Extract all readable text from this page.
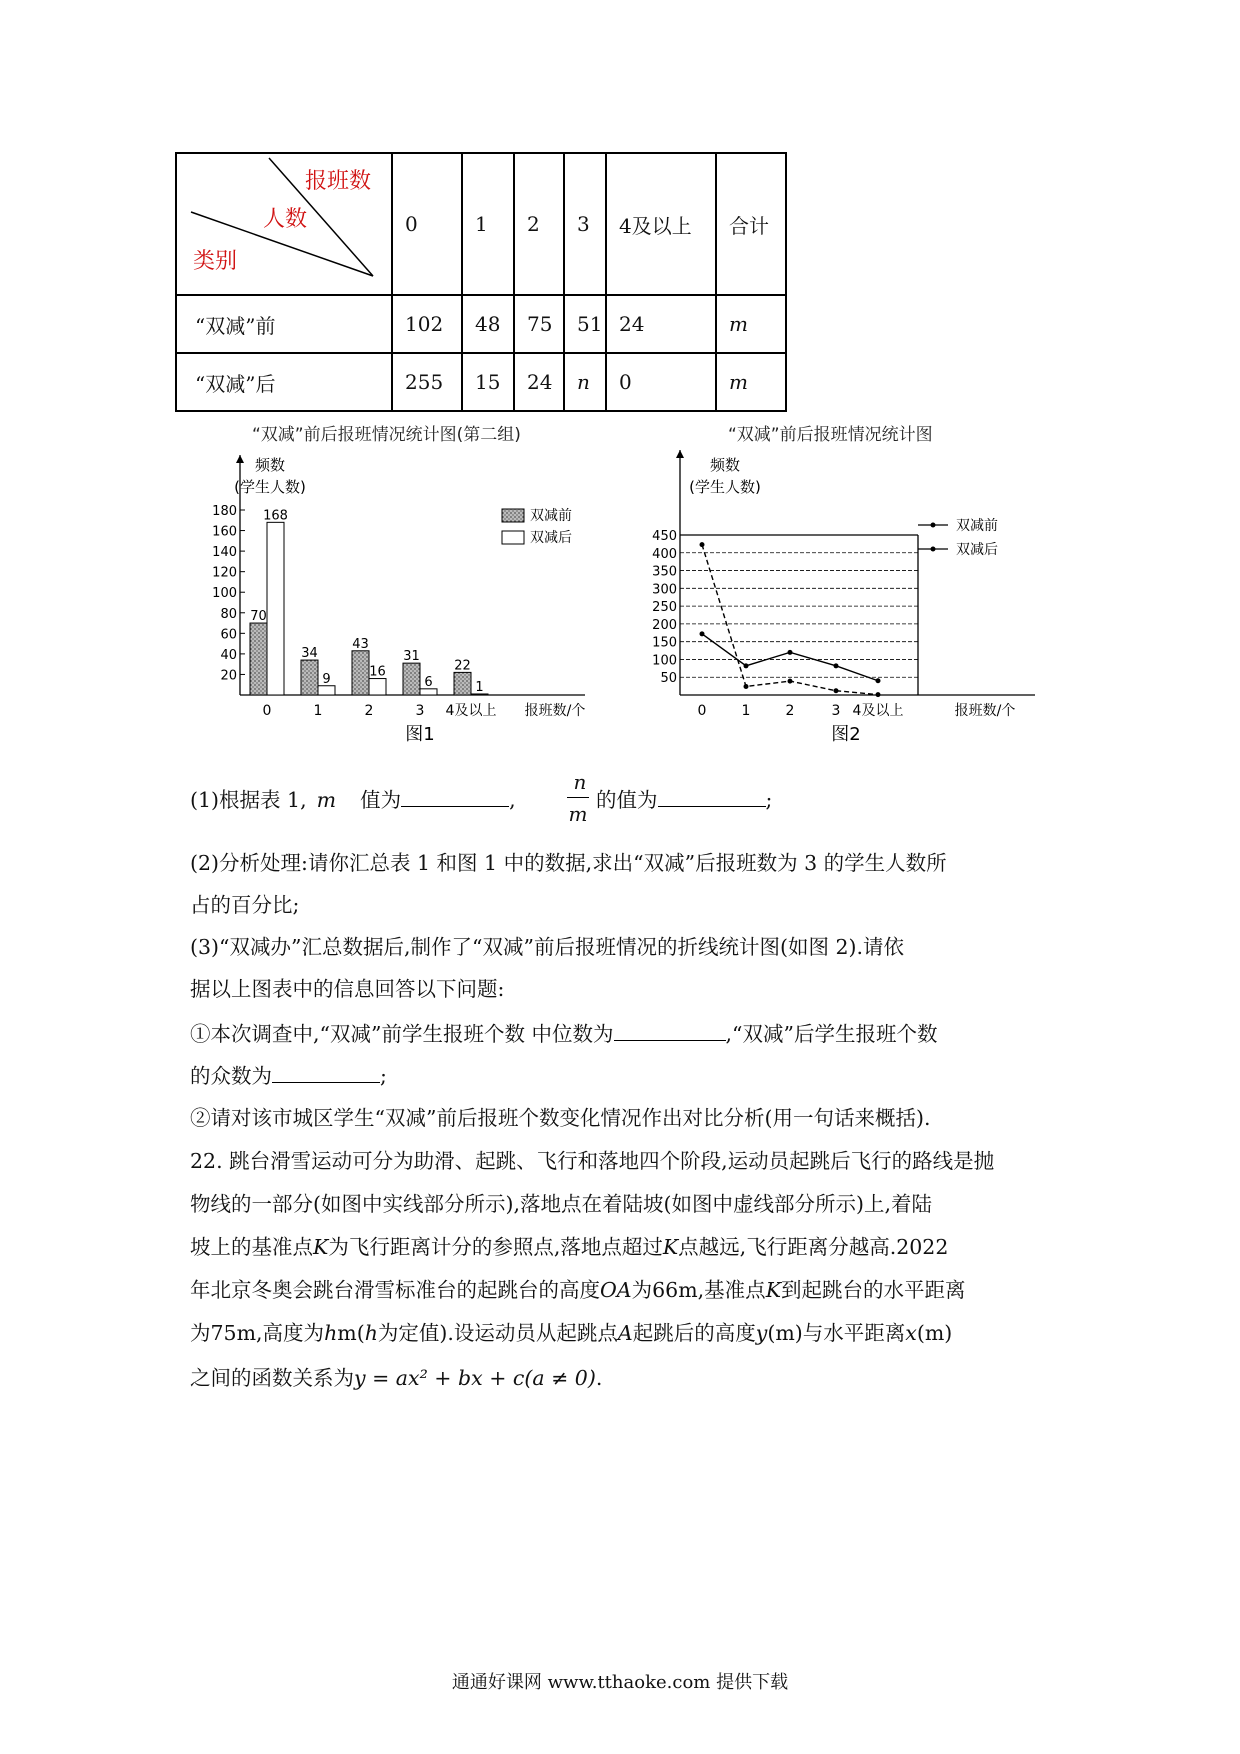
报班数
人数
类别	0	1	2	3	4及以上	合计
“双减”前	102	48	75	51	24	m
“双减”后	255	15	24	n	0	m
“双减”前后报班情况统计图(第二组)	“双减”前后报班情况统计图
频数
(学生人数)
20
40
60
80
100
120
140
160
180
70
168
0
34
9
1
43
16
2
31
6
3
22
1
4及以上 报班数/个
双减前
双减后
图1
频数
(学生人数)
50
100
150
200
250
300
350
400
450
0	1	2	3 4及以上	报班数/个
双减前
双减后
图2
(1)根据表 1, m 值为	,
n
m
的值为	;
(2)分析处理:请你汇总表 1 和图 1 中的数据,求出“双减”后报班数为 3 的学生人数所
占的百分比;
(3)“双减办”汇总数据后,制作了“双减”前后报班情况的折线统计图(如图 2).请依
据以上图表中的信息回答以下问题:
①本次调查中,“双减”前学生报班个数 中位数为	,“双减”后学生报班个数
的众数为	;
②请对该市城区学生“双减”前后报班个数变化情况作出对比分析(用一句话来概括).
22. 跳台滑雪运动可分为助滑、起跳、飞行和落地四个阶段,运动员起跳后飞行的路线是抛
物线的一部分(如图中实线部分所示),落地点在着陆坡(如图中虚线部分所示)上,着陆
坡上的基准点K为飞行距离计分的参照点,落地点超过K点越远,飞行距离分越高.2022
年北京冬奥会跳台滑雪标准台的起跳台的高度OA为66m,基准点K到起跳台的水平距离
为75m,高度为hm(h为定值).设运动员从起跳点A起跳后的高度y(m)与水平距离x(m)
之间的函数关系为y = ax² + bx + c(a ≠ 0).
通通好课网 www.tthaoke.com 提供下载
